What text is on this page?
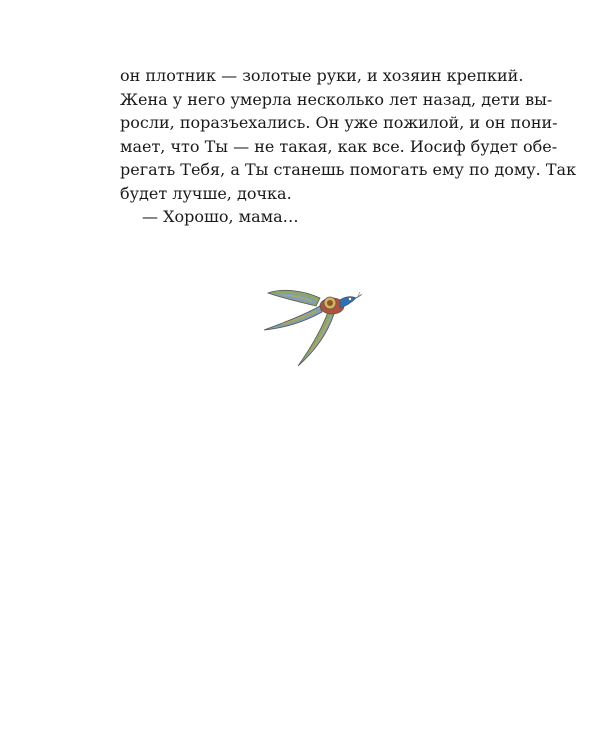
он плотник — золотые руки, и хозяин крепкий.
Жена у него умерла несколько лет назад, дети вы-
росли, поразъехались. Он уже пожилой, и он пони-
мает, что Ты — не такая, как все. Иосиф будет обе-
регать Тебя, а Ты станешь помогать ему по дому. Так
будет лучше, дочка.
— Хорошо, мама…
